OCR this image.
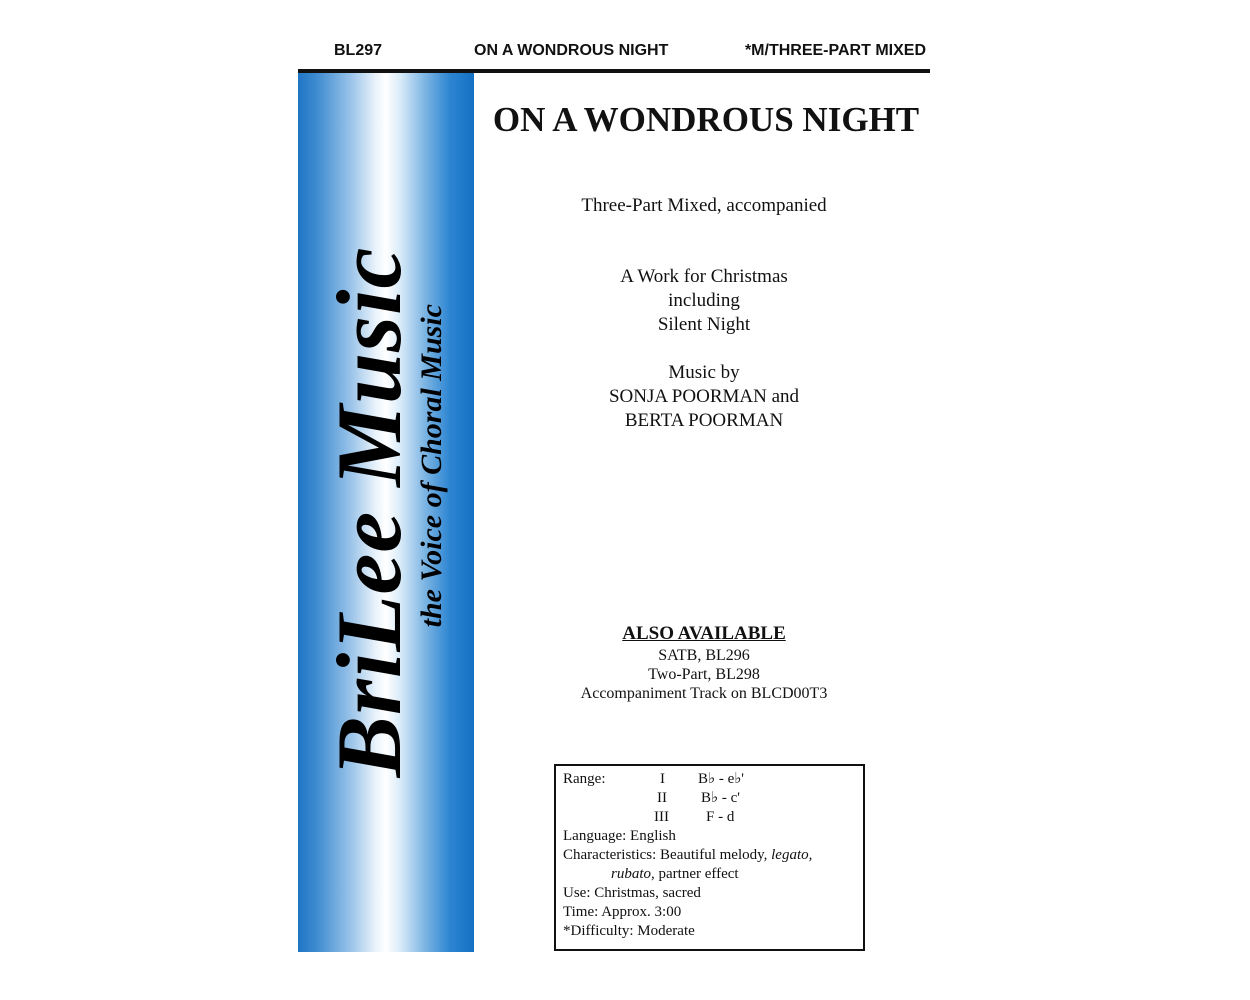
BL297	ON A WONDROUS NIGHT	*M/THREE-PART MIXED
BriLee Music
the Voice of Choral Music
ON A WONDROUS NIGHT
Three-Part Mixed, accompanied
A Work for Christmas
including
Silent Night
Music by
SONJA POORMAN and
BERTA POORMAN
ALSO AVAILABLE
SATB, BL296
Two-Part, BL298
Accompaniment Track on BLCD00T3
Range:	I B♭ - e♭'
II B♭ - c'
III F - d
Language: English
Characteristics: Beautiful melody, legato,
rubato, partner effect
Use: Christmas, sacred
Time: Approx. 3:00
*Difficulty: Moderate
